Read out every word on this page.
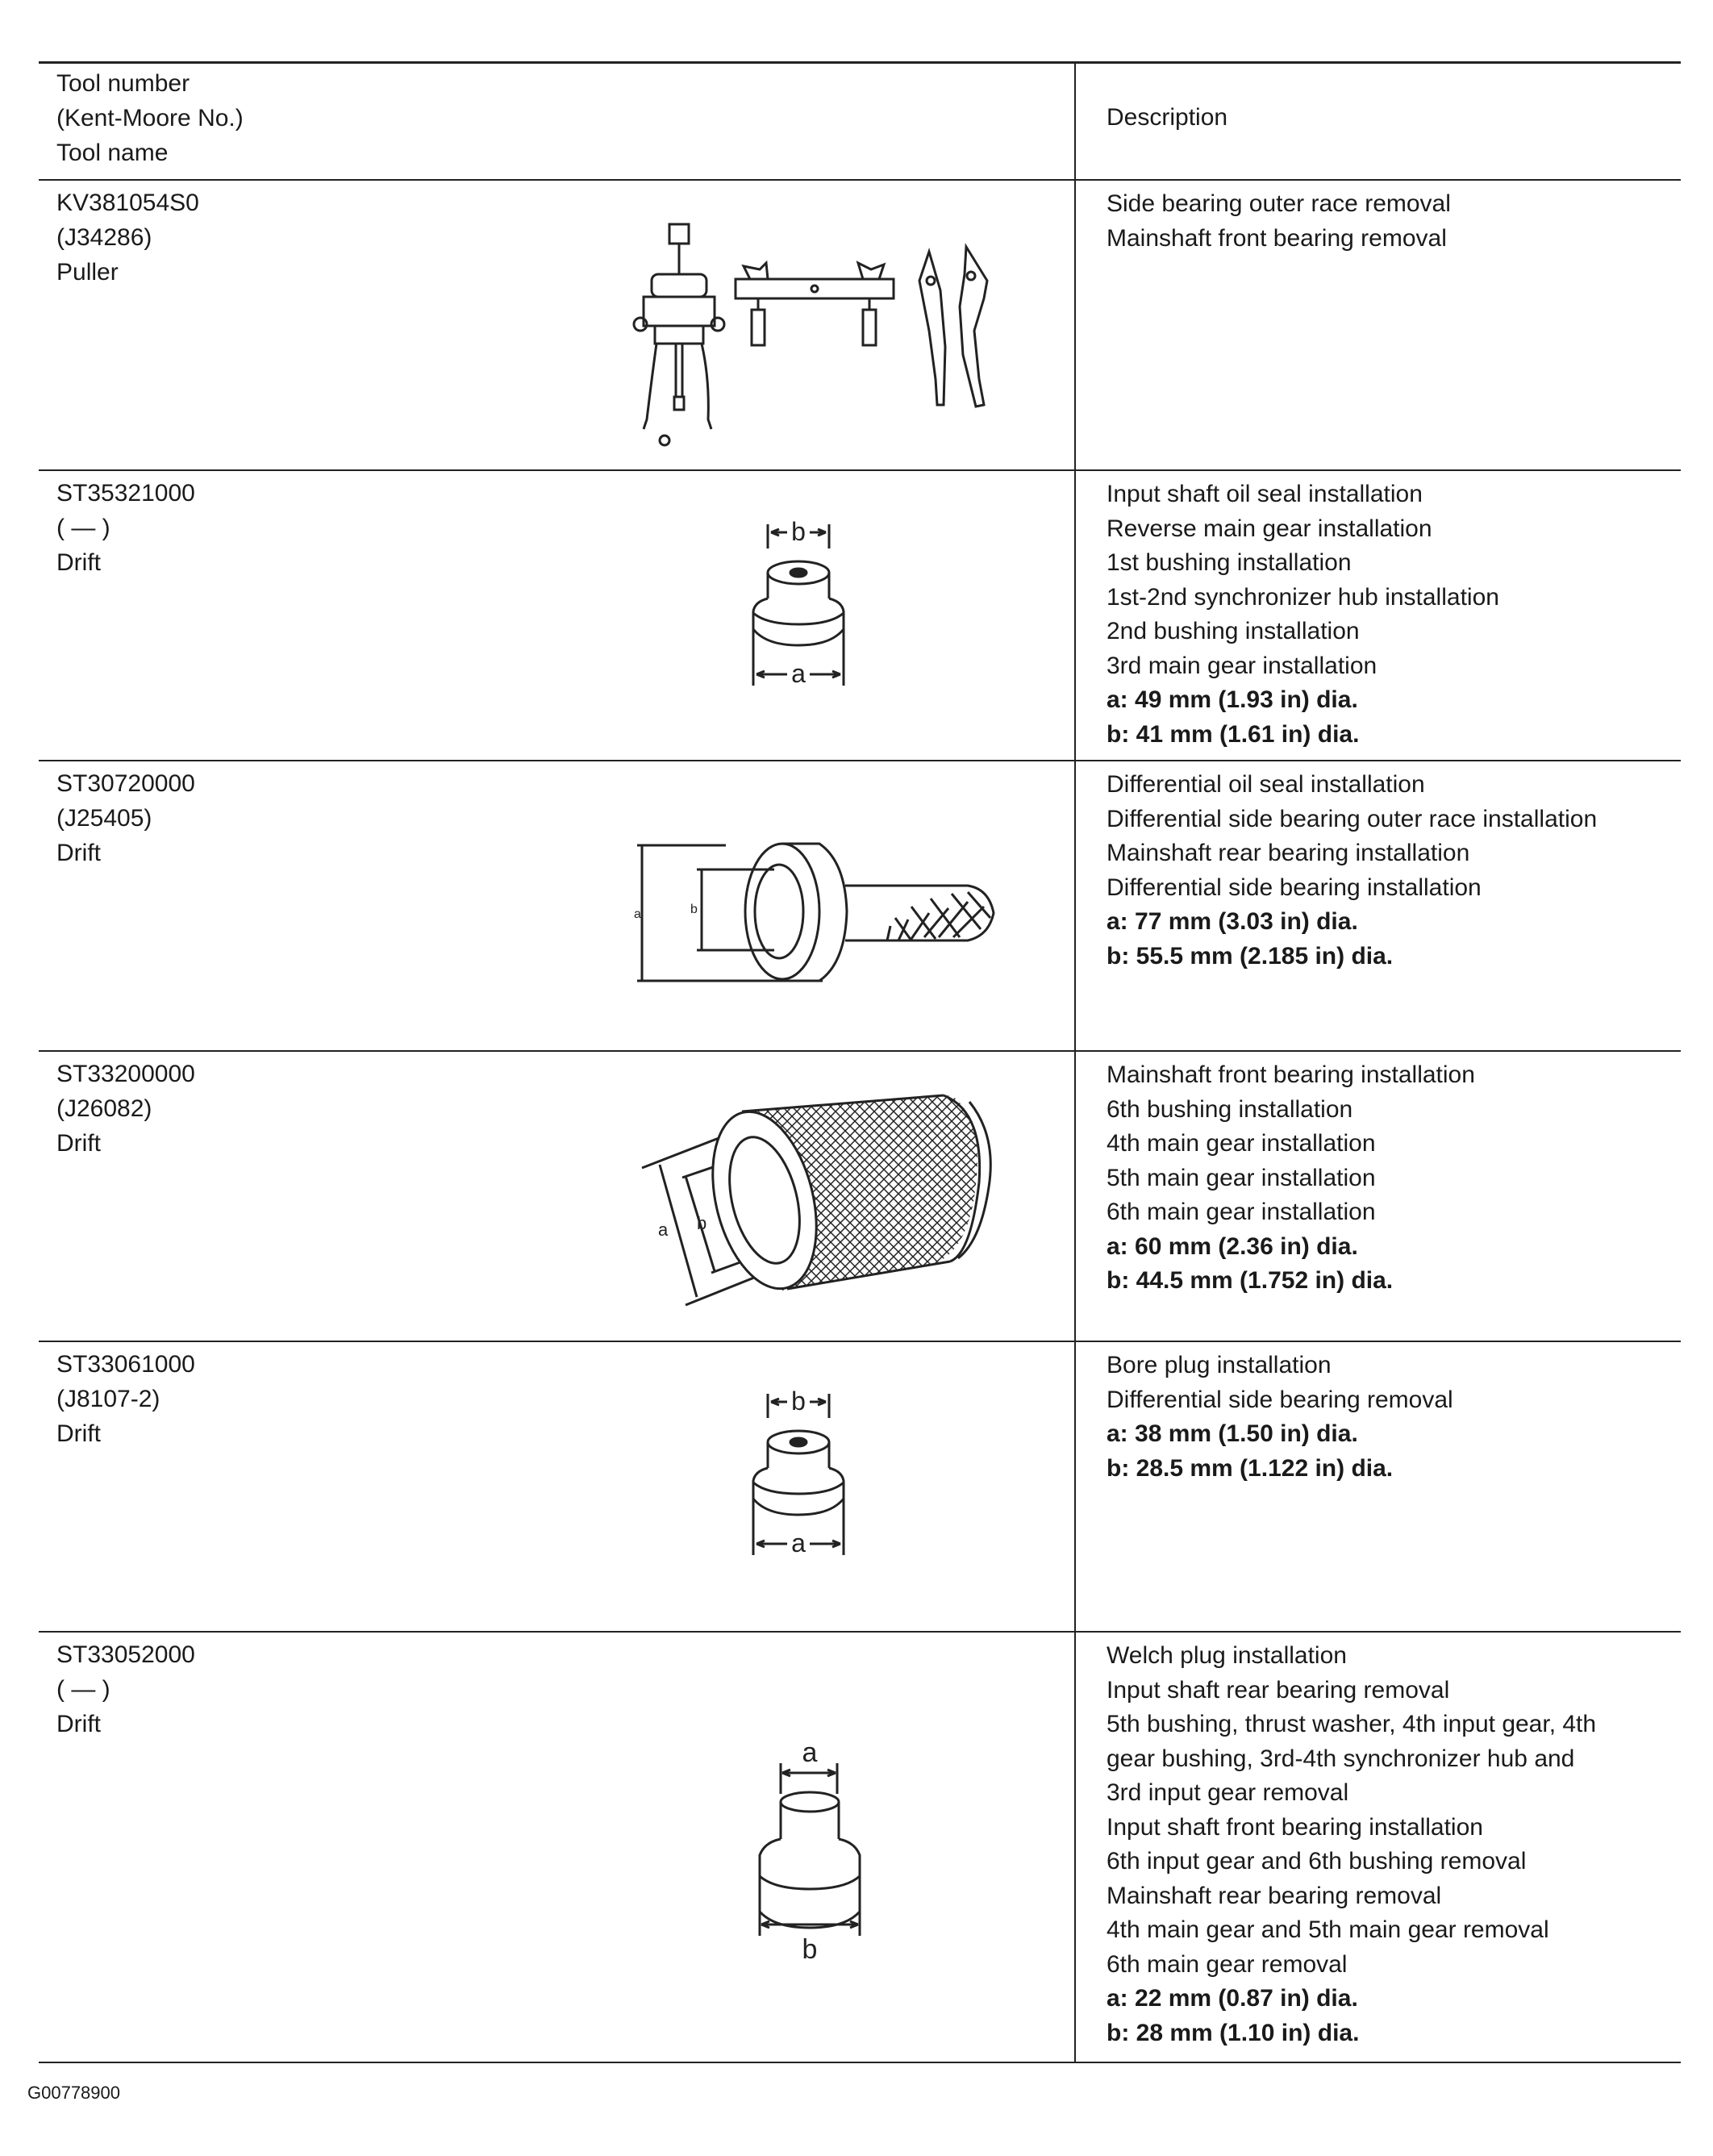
Tool number
(Kent-Moore No.)
Tool name
Description
KV381054S0
(J34286)
Puller
Side bearing outer race removal
Mainshaft front bearing removal
ST35321000
( — )
Drift
Input shaft oil seal installation
Reverse main gear installation
1st bushing installation
1st-2nd synchronizer hub installation
2nd bushing installation
3rd main gear installation
a: 49 mm (1.93 in) dia.
b: 41 mm (1.61 in) dia.
b
a
ST30720000
(J25405)
Drift
Differential oil seal installation
Differential side bearing outer race installation
Mainshaft rear bearing installation
Differential side bearing installation
a: 77 mm (3.03 in) dia.
b: 55.5 mm (2.185 in) dia.
a	b
ST33200000
(J26082)
Drift
Mainshaft front bearing installation
6th bushing installation
4th main gear installation
5th main gear installation
6th main gear installation
a: 60 mm (2.36 in) dia.
b: 44.5 mm (1.752 in) dia.
a b
ST33061000
(J8107-2)
Drift
Bore plug installation
Differential side bearing removal
a: 38 mm (1.50 in) dia.
b: 28.5 mm (1.122 in) dia.
b
a
ST33052000
( — )
Drift
Welch plug installation
Input shaft rear bearing removal
5th bushing, thrust washer, 4th input gear, 4th
gear bushing, 3rd-4th synchronizer hub and
3rd input gear removal
Input shaft front bearing installation
6th input gear and 6th bushing removal
Mainshaft rear bearing removal
4th main gear and 5th main gear removal
6th main gear removal
a: 22 mm (0.87 in) dia.
b: 28 mm (1.10 in) dia.
a
b
G00778900
